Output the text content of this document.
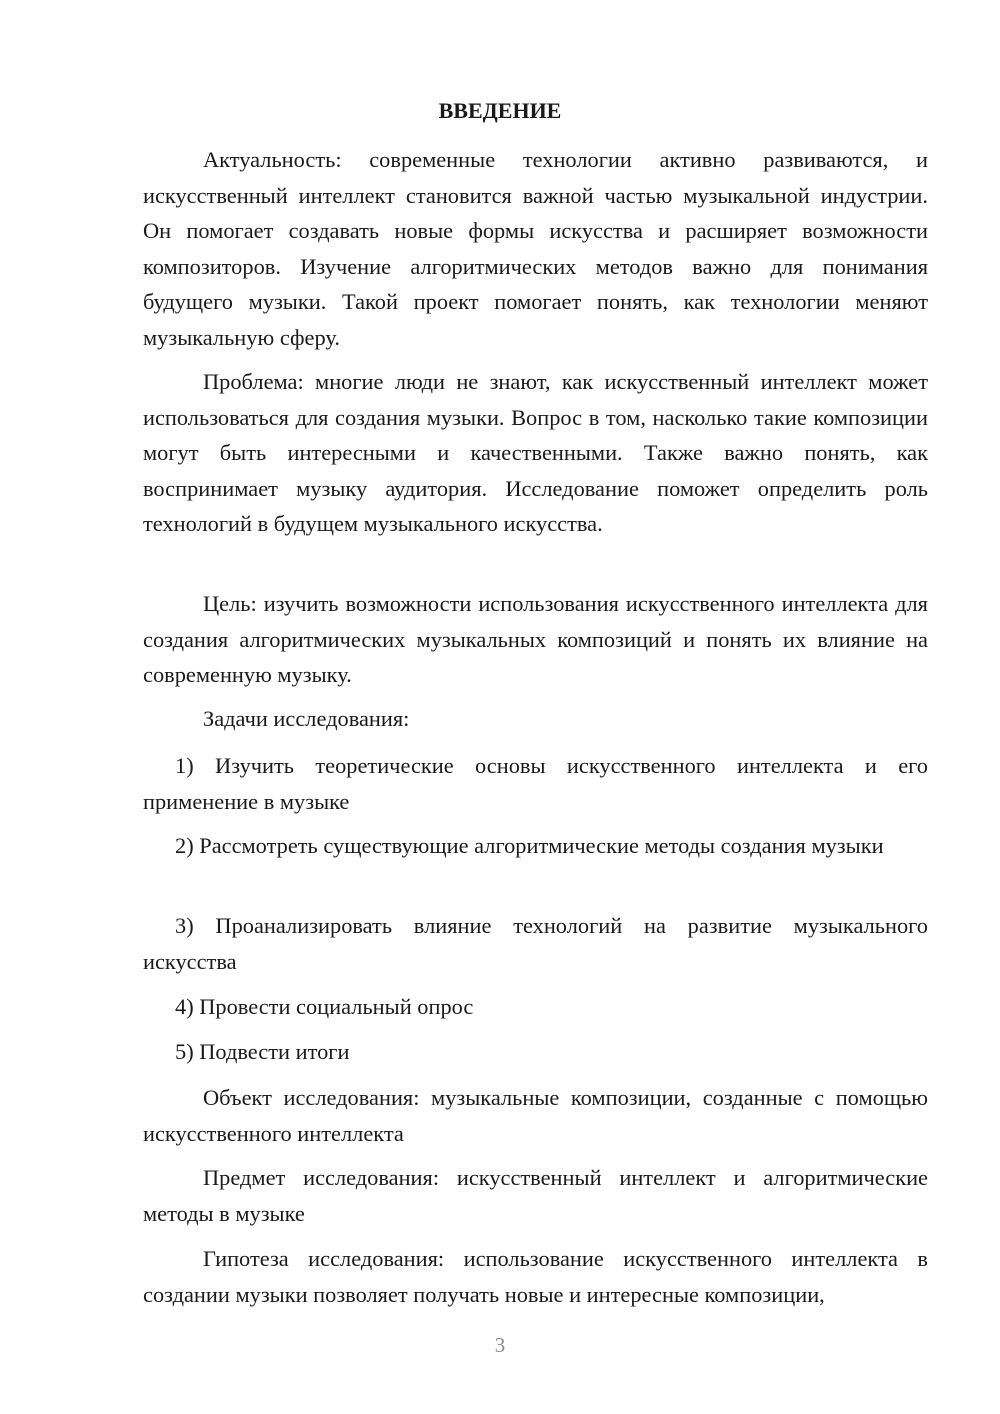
ВВЕДЕНИЕ

Актуальность: современные технологии активно развиваются, и искусственный интеллект становится важной частью музыкальной индустрии. Он помогает создавать новые формы искусства и расширяет возможности композиторов. Изучение алгоритмических методов важно для понимания будущего музыки. Такой проект помогает понять, как технологии меняют музыкальную сферу.

Проблема: многие люди не знают, как искусственный интеллект может использоваться для создания музыки. Вопрос в том, насколько такие композиции могут быть интересными и качественными. Также важно понять, как воспринимает музыку аудитория. Исследование поможет определить роль технологий в будущем музыкального искусства.

Цель: изучить возможности использования искусственного интеллекта для создания алгоритмических музыкальных композиций и понять их влияние на современную музыку.

Задачи исследования:

1) Изучить теоретические основы искусственного интеллекта и его применение в музыке

2) Рассмотреть существующие алгоритмические методы создания музыки

3) Проанализировать влияние технологий на развитие музыкального искусства

4) Провести социальный опрос

5) Подвести итоги

Объект исследования: музыкальные композиции, созданные с помощью искусственного интеллекта

Предмет исследования: искусственный интеллект и алгоритмические методы в музыке

Гипотеза исследования: использование искусственного интеллекта в создании музыки позволяет получать новые и интересные композиции,

3
